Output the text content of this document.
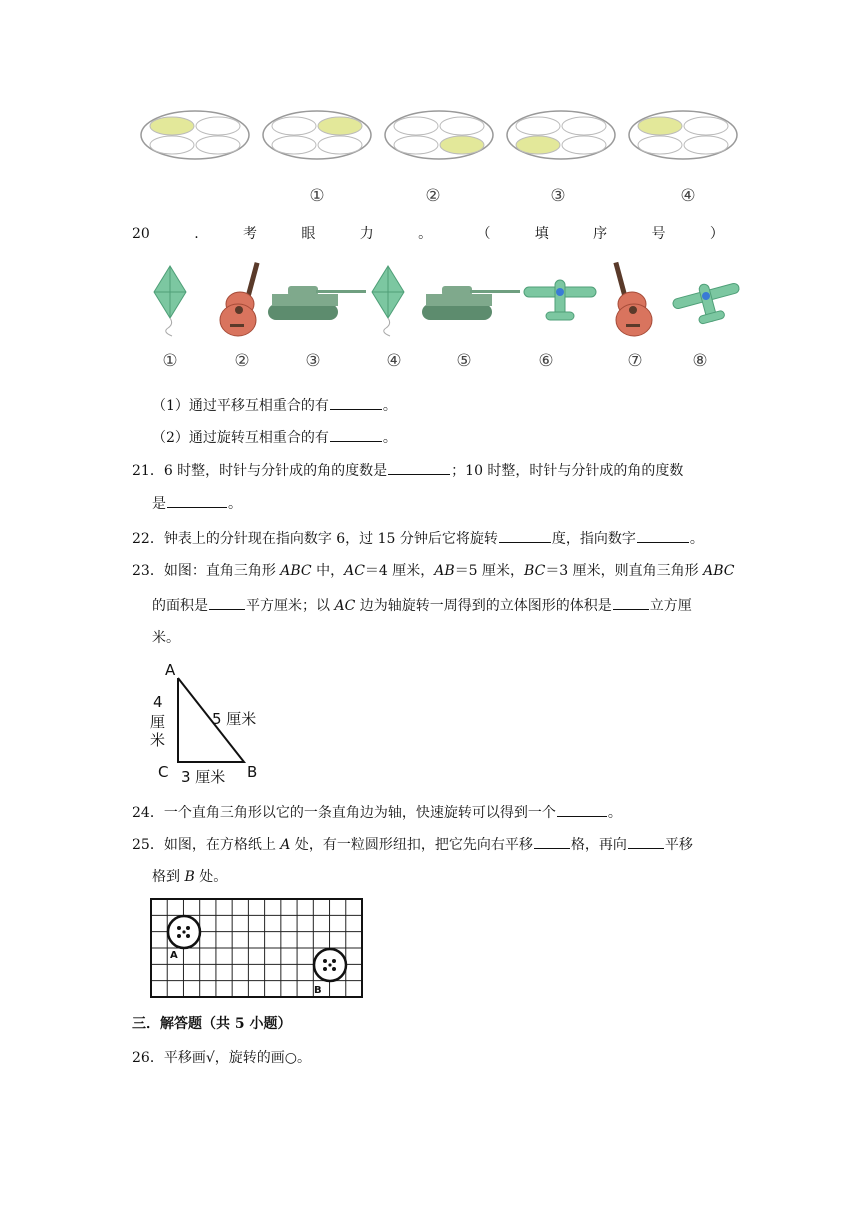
①	②	③	④
20	.	考	眼	力	。	（	填	序	号	）
①	②	③	④	⑤	⑥	⑦	⑧
（1）通过平移互相重合的有	。
（2）通过旋转互相重合的有	。
21．6 时整，时针与分针成的角的度数是	；10 时整，时针与分针成的角的度数
是	。
22．钟表上的分针现在指向数字 6，过 15 分钟后它将旋转	度，指向数字	。
23．如图：直角三角形 ABC 中，AC＝4 厘米，AB＝5 厘米，BC＝3 厘米，则直角三角形 ABC
的面积是	平方厘米；以 AC 边为轴旋转一周得到的立体图形的体积是	立方厘
米。
A
C	B
4
厘
米
5 厘米
3 厘米
24．一个直角三角形以它的一条直角边为轴，快速旋转可以得到一个	。
25．如图，在方格纸上 A 处，有一粒圆形纽扣，把它先向右平移	格，再向	平移
格到 B 处。
A
B
三．解答题（共 5 小题）
26．平移画√，旋转的画○。
